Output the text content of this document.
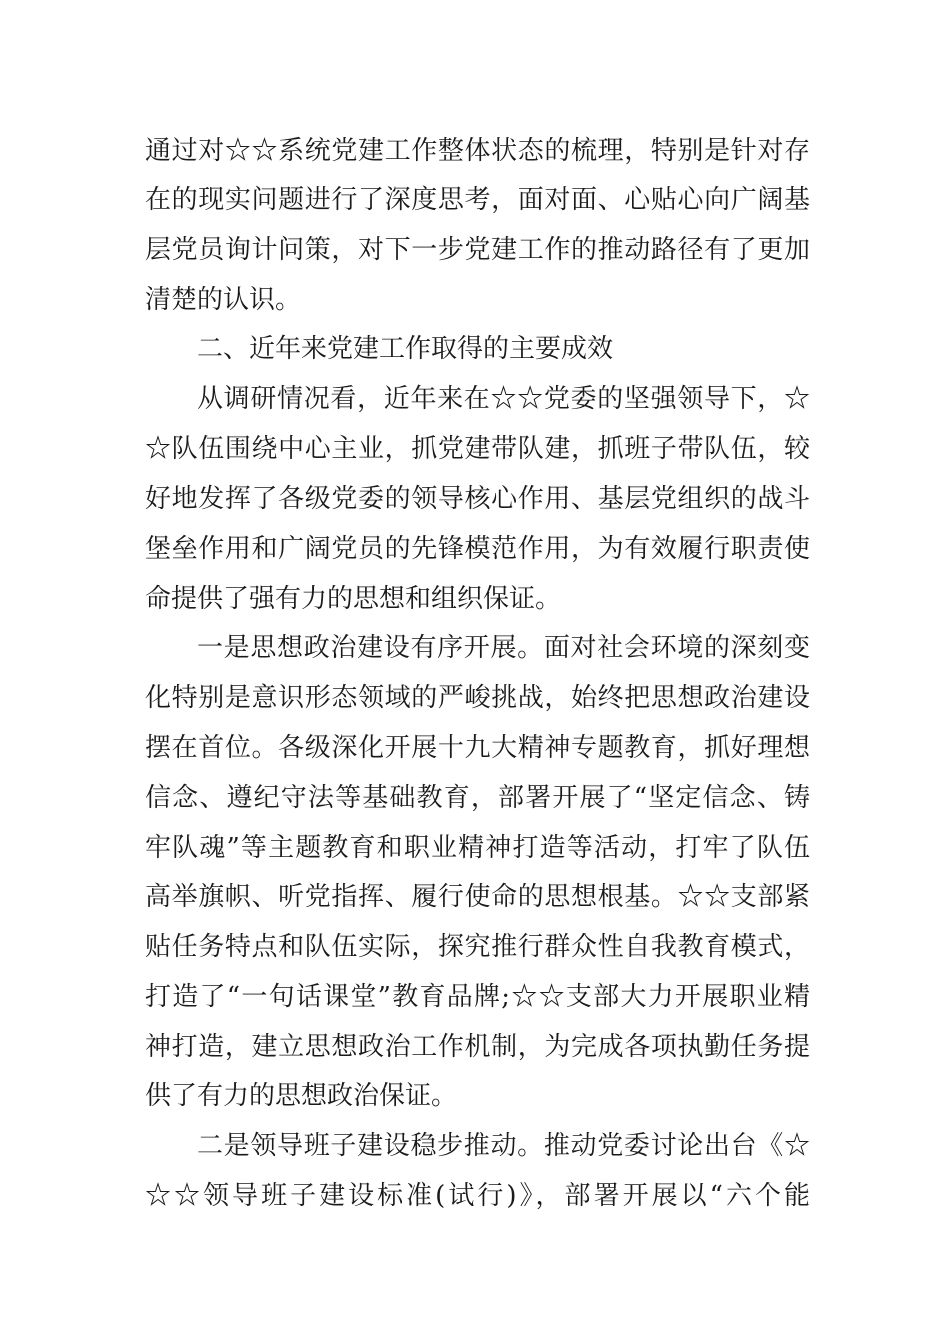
通过对☆☆系统党建工作整体状态的梳理，特别是针对存
在的现实问题进行了深度思考，面对面、心贴心向广阔基
层党员询计问策，对下一步党建工作的推动路径有了更加
清楚的认识。
二、近年来党建工作取得的主要成效
从调研情况看，近年来在☆☆党委的坚强领导下，☆
☆队伍围绕中心主业，抓党建带队建，抓班子带队伍，较
好地发挥了各级党委的领导核心作用、基层党组织的战斗
堡垒作用和广阔党员的先锋模范作用，为有效履行职责使
命提供了强有力的思想和组织保证。
一是思想政治建设有序开展。面对社会环境的深刻变
化特别是意识形态领域的严峻挑战，始终把思想政治建设
摆在首位。各级深化开展十九大精神专题教育，抓好理想
信念、遵纪守法等基础教育，部署开展了“坚定信念、铸
牢队魂”等主题教育和职业精神打造等活动，打牢了队伍
高举旗帜、听党指挥、履行使命的思想根基。☆☆支部紧
贴任务特点和队伍实际，探究推行群众性自我教育模式，
打造了“一句话课堂”教育品牌;☆☆支部大力开展职业精
神打造，建立思想政治工作机制，为完成各项执勤任务提
供了有力的思想政治保证。
二是领导班子建设稳步推动。推动党委讨论出台《☆
☆☆领导班子建设标准(试行)》，部署开展以“六个能
